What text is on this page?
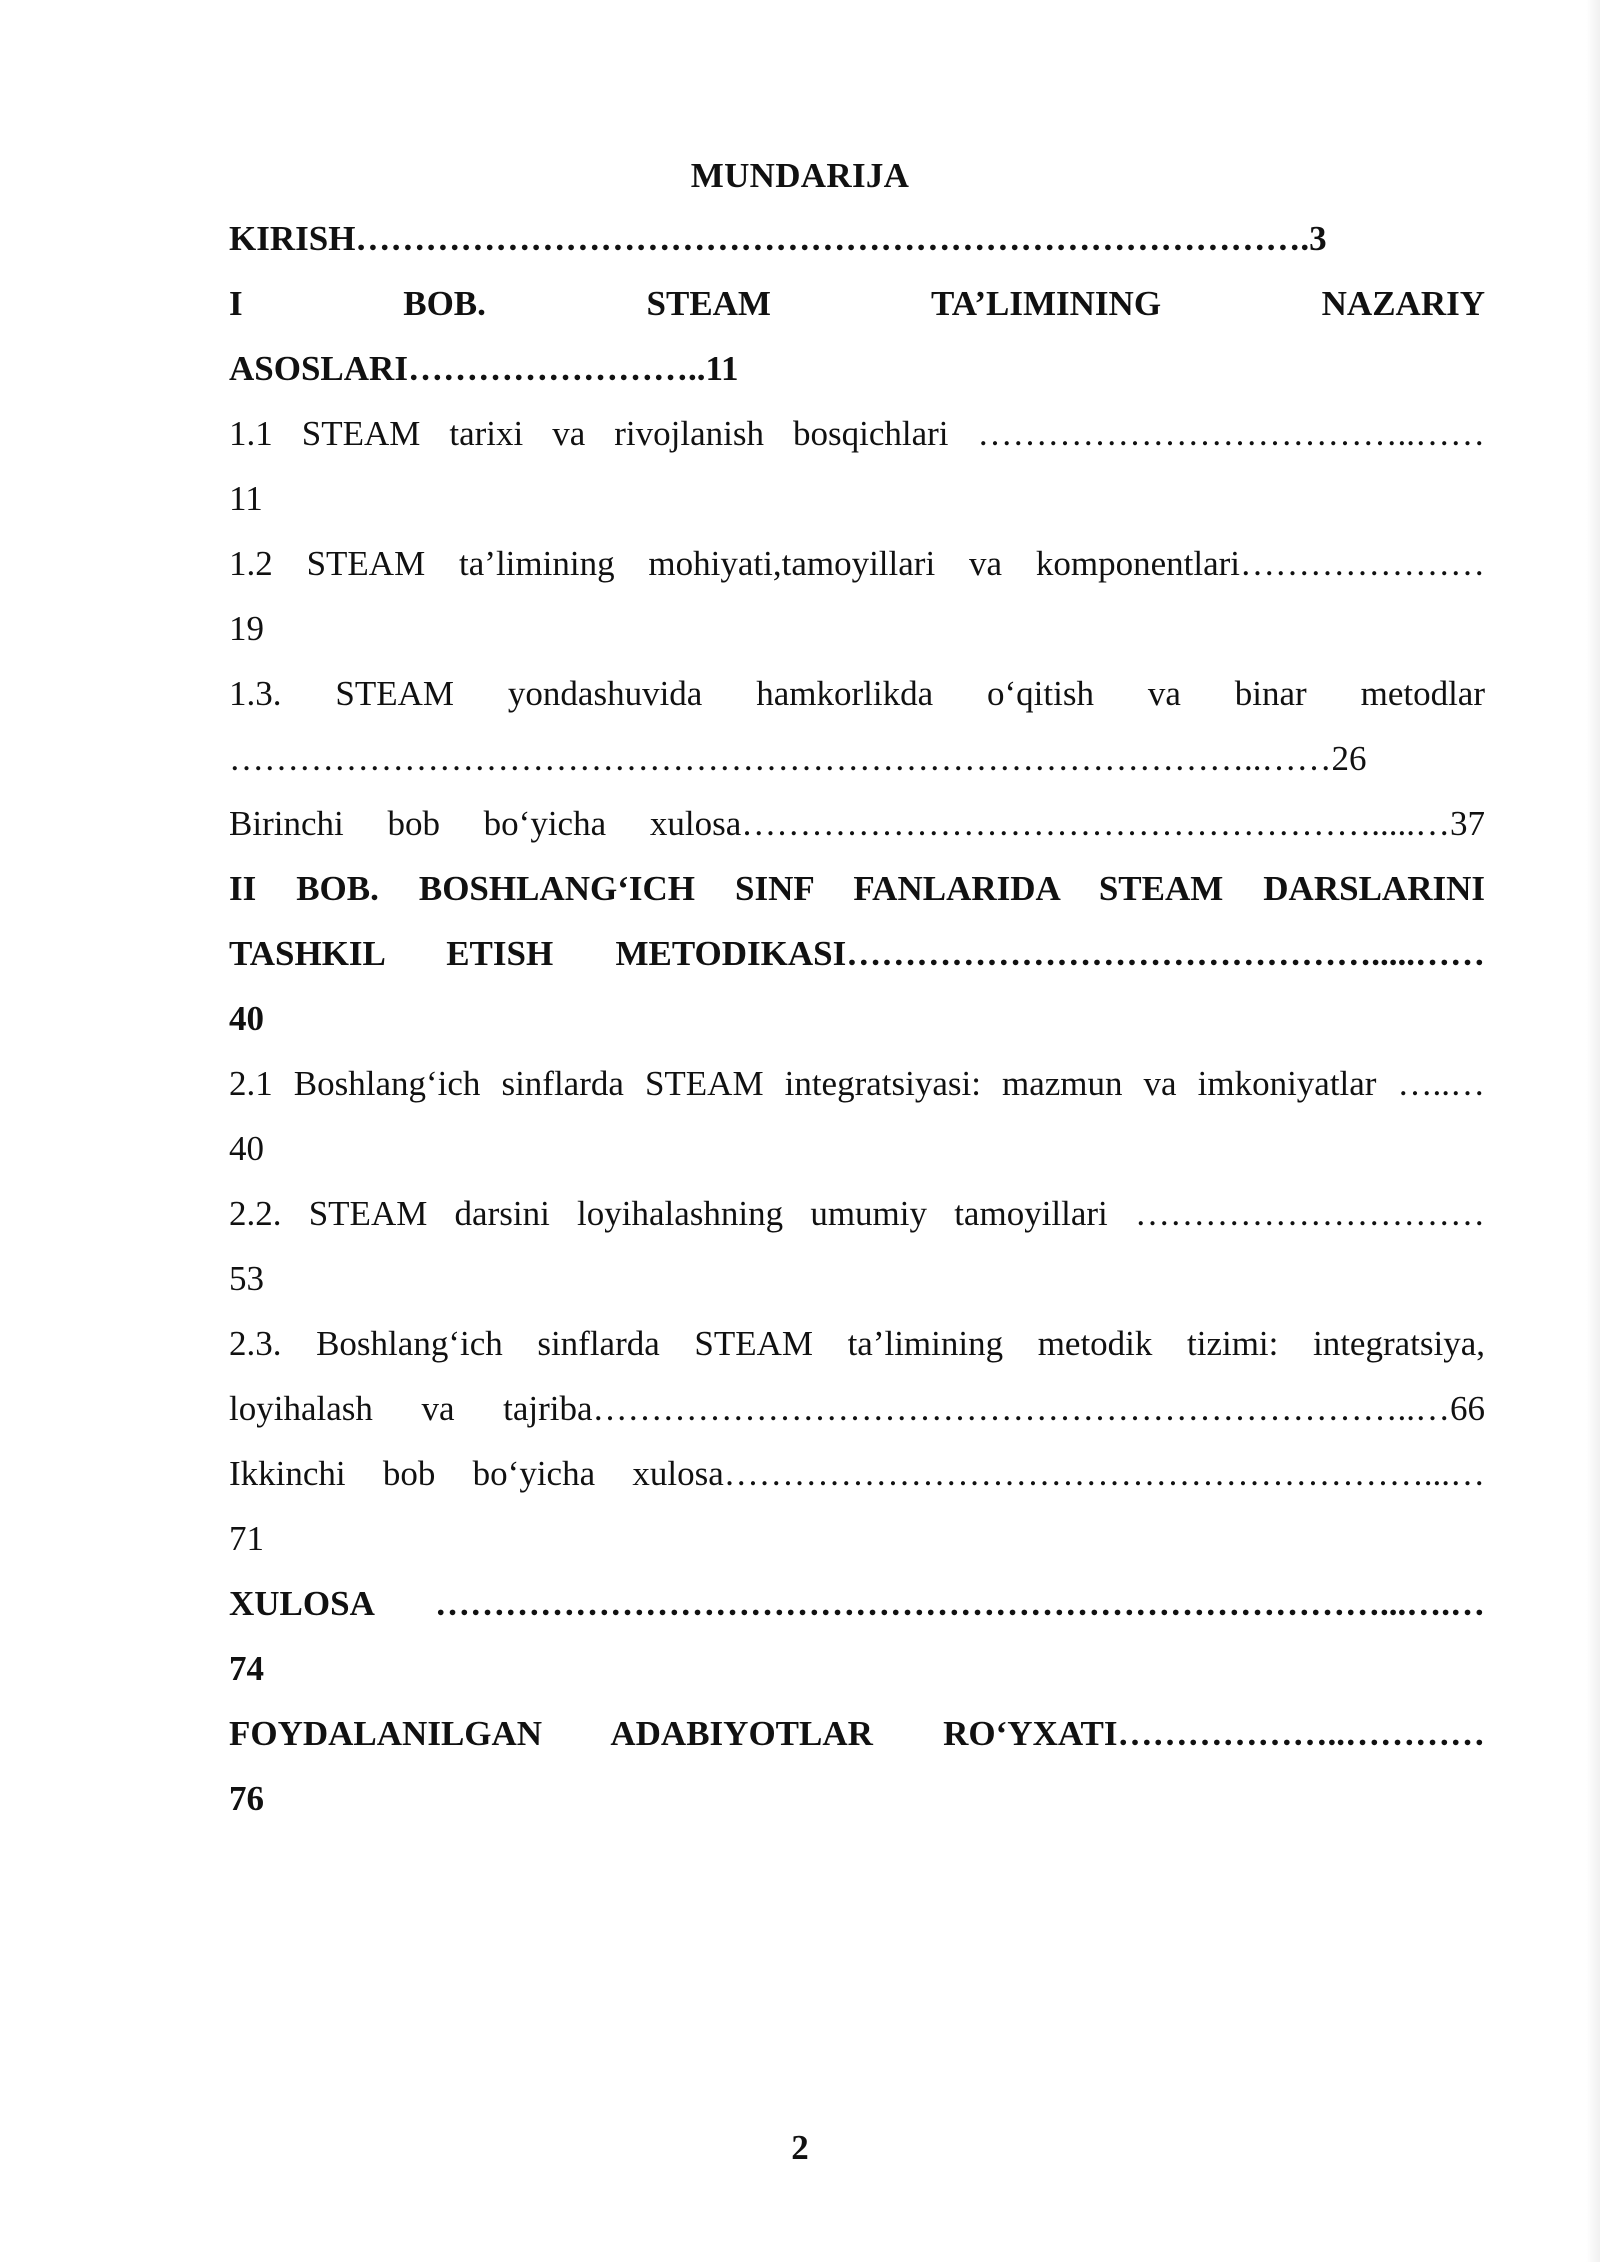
MUNDARIJA
KIRISH……………………………………………………………………….3
I BOB. STEAM TA’LIMINING NAZARIY
ASOSLARI……………………..11
1.1 STEAM tarixi va rivojlanish bosqichlari ………………………………..……
11
1.2 STEAM ta’limining mohiyati,tamoyillari va komponentlari…………………
19
1.3. STEAM yondashuvida hamkorlikda o‘qitish va binar metodlar
……………………………………………………………………………..……26
Birinchi bob bo‘yicha xulosa……………………………………………….....…37
II BOB. BOSHLANG‘ICH SINF FANLARIDA STEAM DARSLARINI
TASHKIL ETISH METODIKASI……………………………………….....……
40
2.1 Boshlang‘ich sinflarda STEAM integratsiyasi: mazmun va imkoniyatlar …..…
40
2.2. STEAM darsini loyihalashning umumiy tamoyillari …………………………
53
2.3. Boshlang‘ich sinflarda STEAM ta’limining metodik tizimi: integratsiya,
loyihalash va tajriba……………………………………………………………..…66
Ikkinchi bob bo‘yicha xulosa……………………………………………………...…
71
XULOSA ………………………………………………………………………...….…
74
FOYDALANILGAN ADABIYOTLAR RO‘YXATI………………..…………
76
2
